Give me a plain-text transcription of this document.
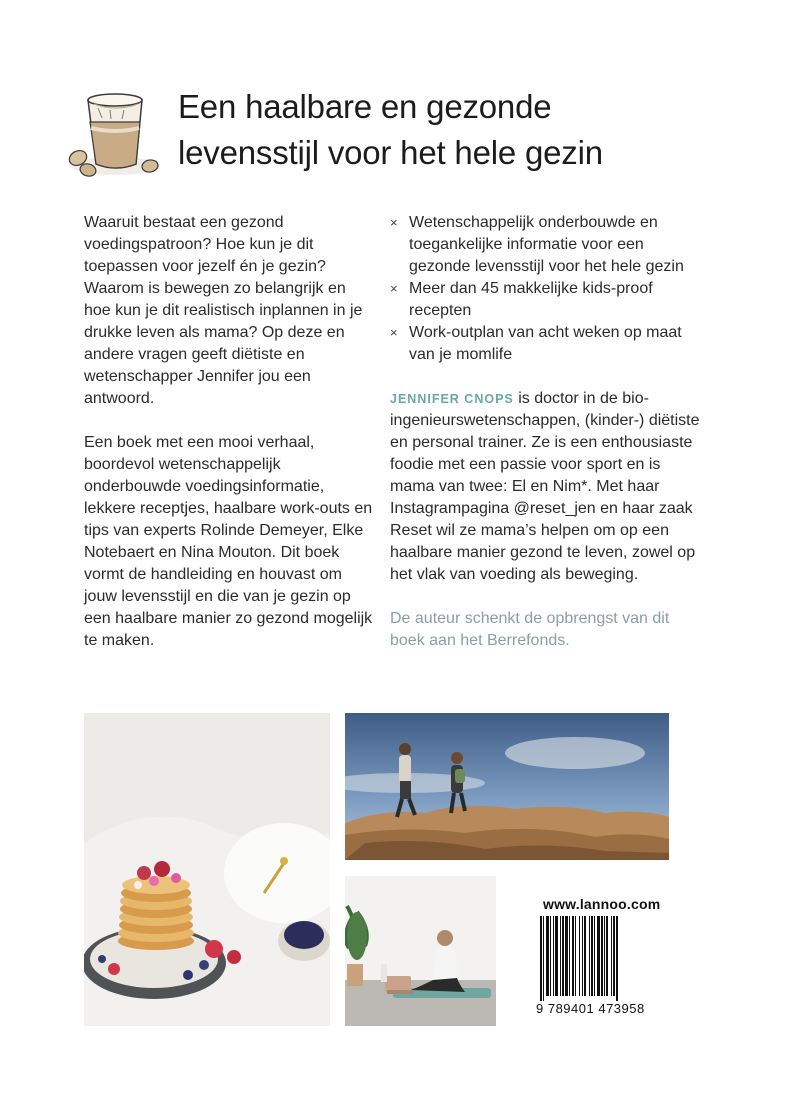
Een haalbare en gezonde
levensstijl voor het hele gezin

Waaruit bestaat een gezond voedingspatroon? Hoe kun je dit toepassen voor jezelf én je gezin? Waarom is bewegen zo belangrijk en hoe kun je dit realistisch inplannen in je drukke leven als mama? Op deze en andere vragen geeft diëtiste en wetenschapper Jennifer jou een antwoord.

Een boek met een mooi verhaal, boordevol wetenschappelijk onderbouwde voedingsinformatie, lekkere receptjes, haalbare work-outs en tips van experts Rolinde Demeyer, Elke Notebaert en Nina Mouton. Dit boek vormt de handleiding en houvast om jouw levensstijl en die van je gezin op een haalbare manier zo gezond mogelijk te maken.

× Wetenschappelijk onderbouwde en toegankelijke informatie voor een gezonde levensstijl voor het hele gezin
× Meer dan 45 makkelijke kids-proof recepten
× Work-outplan van acht weken op maat van je momlife

JENNIFER CNOPS is doctor in de bio-ingenieurswetenschappen, (kinder-) diëtiste en personal trainer. Ze is een enthousiaste foodie met een passie voor sport en is mama van twee: El en Nim*. Met haar Instagrampagina @reset_jen en haar zaak Reset wil ze mama’s helpen om op een haalbare manier gezond te leven, zowel op het vlak van voeding als beweging.

De auteur schenkt de opbrengst van dit boek aan het Berrefonds.

www.lannoo.com
9 789401 473958
